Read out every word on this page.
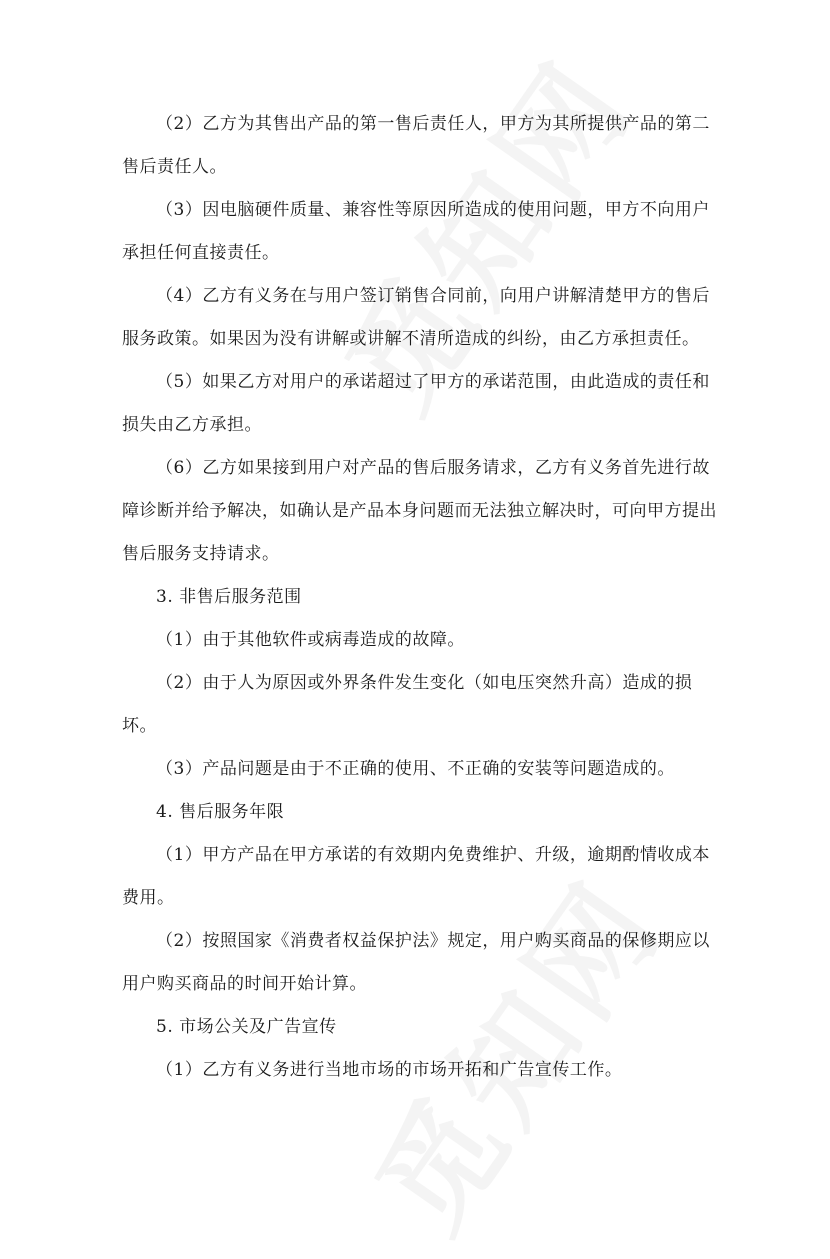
（2）乙方为其售出产品的第一售后责任人，甲方为其所提供产品的第二售后责任人。

（3）因电脑硬件质量、兼容性等原因所造成的使用问题，甲方不向用户承担任何直接责任。

（4）乙方有义务在与用户签订销售合同前，向用户讲解清楚甲方的售后服务政策。如果因为没有讲解或讲解不清所造成的纠纷，由乙方承担责任。

（5）如果乙方对用户的承诺超过了甲方的承诺范围，由此造成的责任和损失由乙方承担。

（6）乙方如果接到用户对产品的售后服务请求，乙方有义务首先进行故障诊断并给予解决，如确认是产品本身问题而无法独立解决时，可向甲方提出售后服务支持请求。

3. 非售后服务范围

（1）由于其他软件或病毒造成的故障。

（2）由于人为原因或外界条件发生变化（如电压突然升高）造成的损坏。

（3）产品问题是由于不正确的使用、不正确的安装等问题造成的。

4. 售后服务年限

（1）甲方产品在甲方承诺的有效期内免费维护、升级，逾期酌情收成本费用。

（2）按照国家《消费者权益保护法》规定，用户购买商品的保修期应以用户购买商品的时间开始计算。

5. 市场公关及广告宣传

（1）乙方有义务进行当地市场的市场开拓和广告宣传工作。
